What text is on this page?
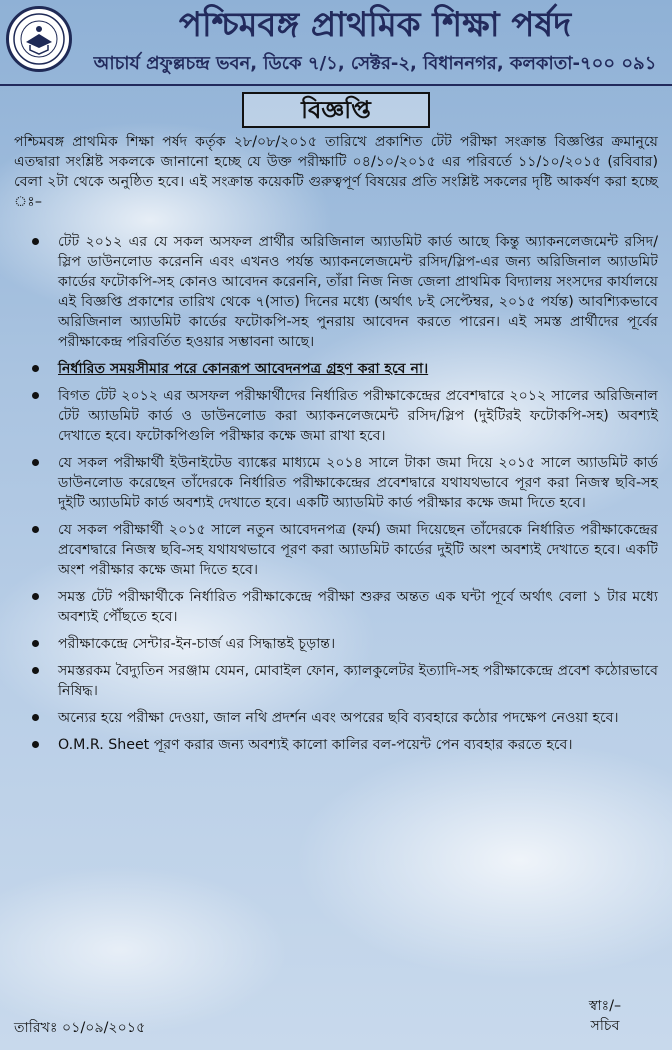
পশ্চিমবঙ্গ প্রাথমিক শিক্ষা পর্ষদ
আচার্য প্রফুল্লচন্দ্র ভবন, ডিকে ৭/১, সেক্টর-২, বিধাননগর, কলকাতা-৭০০ ০৯১
বিজ্ঞপ্তি
পশ্চিমবঙ্গ প্রাথমিক শিক্ষা পর্ষদ কর্তৃক ২৮/০৮/২০১৫ তারিখে প্রকাশিত টেট পরীক্ষা সংক্রান্ত বিজ্ঞপ্তির ক্রমানুয়ে এতদ্বারা সংশ্লিষ্ট সকলকে জানানো হচ্ছে যে উক্ত পরীক্ষাটি ০৪/১০/২০১৫ এর পরিবর্তে ১১/১০/২০১৫ (রবিবার) বেলা ২টা থেকে অনুষ্ঠিত হবে। এই সংক্রান্ত কয়েকটি গুরুত্বপূর্ণ বিষয়ের প্রতি সংশ্লিষ্ট সকলের দৃষ্টি আকর্ষণ করা হচ্ছে ঃ–
টেট ২০১২ এর যে সকল অসফল প্রার্থীর অরিজিনাল অ্যাডমিট কার্ড আছে কিন্তু অ্যাকনলেজমেন্ট রসিদ/স্লিপ ডাউনলোড করেননি এবং এখনও পর্যন্ত অ্যাকনলেজমেন্ট রসিদ/স্লিপ-এর জন্য অরিজিনাল অ্যাডমিট কার্ডের ফটোকপি-সহ কোনও আবেদন করেননি, তাঁরা নিজ নিজ জেলা প্রাথমিক বিদ্যালয় সংসদের কার্যালয়ে এই বিজ্ঞপ্তি প্রকাশের তারিখ থেকে ৭(সাত) দিনের মধ্যে (অর্থাৎ ৮ই সেপ্টেম্বর, ২০১৫ পর্যন্ত) আবশ্যিকভাবে অরিজিনাল অ্যাডমিট কার্ডের ফটোকপি-সহ পুনরায় আবেদন করতে পারেন। এই সমস্ত প্রার্থীদের পূর্বের পরীক্ষাকেন্দ্র পরিবর্তিত হওয়ার সম্ভাবনা আছে।
নির্ধারিত সময়সীমার পরে কোনরূপ আবেদনপত্র গ্রহণ করা হবে না।
বিগত টেট ২০১২ এর অসফল পরীক্ষার্থীদের নির্ধারিত পরীক্ষাকেন্দ্রের প্রবেশদ্বারে ২০১২ সালের অরিজিনাল টেট অ্যাডমিট কার্ড ও ডাউনলোড করা অ্যাকনলেজমেন্ট রসিদ/স্লিপ (দুইটিরই ফটোকপি-সহ) অবশ্যই দেখাতে হবে। ফটোকপিগুলি পরীক্ষার কক্ষে জমা রাখা হবে।
যে সকল পরীক্ষার্থী ইউনাইটেড ব্যাঙ্কের মাধ্যমে ২০১৪ সালে টাকা জমা দিয়ে ২০১৫ সালে অ্যাডমিট কার্ড ডাউনলোড করেছেন তাঁদেরকে নির্ধারিত পরীক্ষাকেন্দ্রের প্রবেশদ্বারে যথাযথভাবে পূরণ করা নিজস্ব ছবি-সহ দুইটি অ্যাডমিট কার্ড অবশ্যই দেখাতে হবে। একটি অ্যাডমিট কার্ড পরীক্ষার কক্ষে জমা দিতে হবে।
যে সকল পরীক্ষার্থী ২০১৫ সালে নতুন আবেদনপত্র (ফর্ম) জমা দিয়েছেন তাঁদেরকে নির্ধারিত পরীক্ষাকেন্দ্রের প্রবেশদ্বারে নিজস্ব ছবি-সহ যথাযথভাবে পূরণ করা অ্যাডমিট কার্ডের দুইটি অংশ অবশ্যই দেখাতে হবে। একটি অংশ পরীক্ষার কক্ষে জমা দিতে হবে।
সমস্ত টেট পরীক্ষার্থীকে নির্ধারিত পরীক্ষাকেন্দ্রে পরীক্ষা শুরুর অন্তত এক ঘন্টা পূর্বে অর্থাৎ বেলা ১ টার মধ্যে অবশ্যই পৌঁছতে হবে।
পরীক্ষাকেন্দ্রে সেন্টার-ইন-চার্জ এর সিদ্ধান্তই চূড়ান্ত।
সমস্তরকম বৈদ্যুতিন সরঞ্জাম যেমন, মোবাইল ফোন, ক্যালকুলেটর ইত্যাদি-সহ পরীক্ষাকেন্দ্রে প্রবেশ কঠোরভাবে নিষিদ্ধ।
অন্যের হয়ে পরীক্ষা দেওয়া, জাল নথি প্রদর্শন এবং অপরের ছবি ব্যবহারে কঠোর পদক্ষেপ নেওয়া হবে।
O.M.R. Sheet পূরণ করার জন্য অবশ্যই কালো কালির বল-পয়েন্ট পেন ব্যবহার করতে হবে।
তারিখঃ ০১/০৯/২০১৫
স্বাঃ/–
সচিব
